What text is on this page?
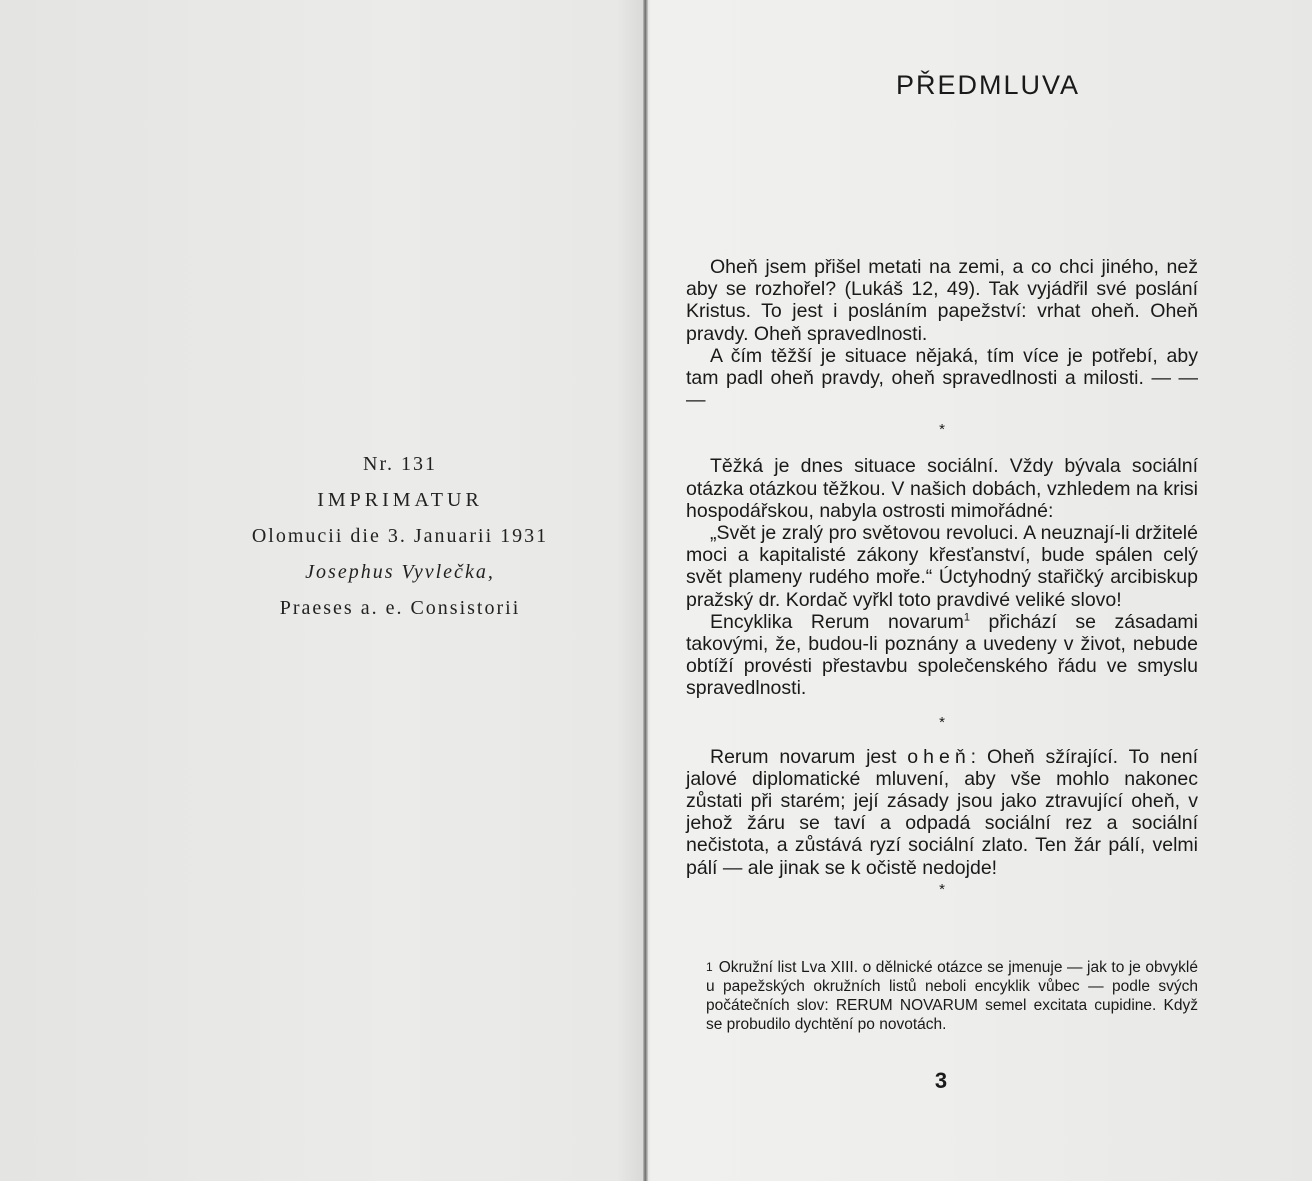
Nr. 131
IMPRIMATUR
Olomucii die 3. Januarii 1931
Josephus Vyvlečka,
Praeses a. e. Consistorii
PŘEDMLUVA

Oheň jsem přišel metati na zemi, a co chci jiného, než aby se rozhořel? (Lukáš 12, 49). Tak vyjádřil své poslání Kristus. To jest i posláním papežství: vrhat oheň. Oheň pravdy. Oheň spravedlnosti.

A čím těžší je situace nějaká, tím více je potřebí, aby tam padl oheň pravdy, oheň spravedlnosti a milosti. — — —

*

Těžká je dnes situace sociální. Vždy bývala sociální otázka otázkou těžkou. V našich dobách, vzhledem na krisi hospodářskou, nabyla ostrosti mimořádné:

„Svět je zralý pro světovou revoluci. A neuznají-li držitelé moci a kapitalisté zákony křesťanství, bude spálen celý svět plameny rudého moře.“ Úctyhodný stařičký arcibiskup pražský dr. Kordač vyřkl toto pravdivé veliké slovo!

Encyklika Rerum novarum$^1$ přichází se zásadami takovými, že, budou-li poznány a uvedeny v život, nebude obtíží provésti přestavbu společenského řádu ve smyslu spravedlnosti.

*

Rerum novarum jest oheň: Oheň sžírající. To není jalové diplomatické mluvení, aby vše mohlo nakonec zůstati při starém; její zásady jsou jako ztravující oheň, v jehož žáru se taví a odpadá sociální rez a sociální nečistota, a zůstává ryzí sociální zlato. Ten žár pálí, velmi pálí — ale jinak se k očistě nedojde!

*
$^1$ Okružní list Lva XIII. o dělnické otázce se jmenuje — jak to je obvyklé u papežských okružních listů neboli encyklik vůbec — podle svých počátečních slov: RERUM NOVARUM semel excitata cupidine. Když se probudilo dychtění po novotách.
3
